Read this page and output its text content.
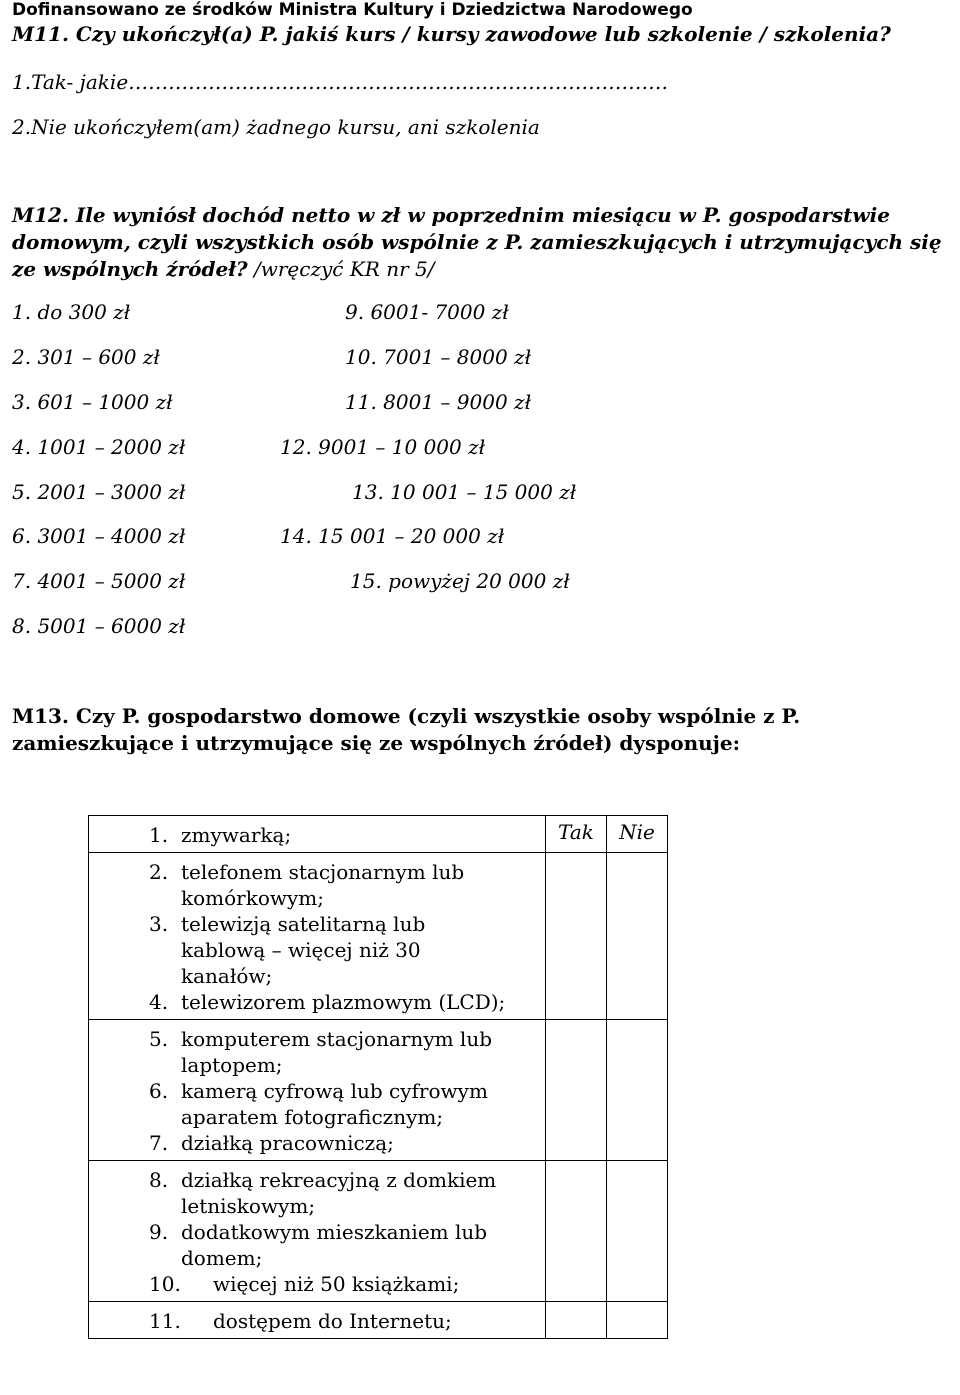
Dofinansowano ze środków Ministra Kultury i Dziedzictwa Narodowego
M11. Czy ukończył(a) P. jakiś kurs / kursy zawodowe lub szkolenie / szkolenia?
1.Tak- jakie………………………………………………………………………
2.Nie ukończyłem(am) żadnego kursu, ani szkolenia
M12. Ile wyniósł dochód netto w zł w poprzednim miesiącu w P. gospodarstwie domowym, czyli wszystkich osób wspólnie z P. zamieszkujących i utrzymujących się ze wspólnych źródeł? /wręczyć KR nr 5/
1. do 300 zł
2. 301 – 600 zł
3. 601 – 1000 zł
4. 1001 – 2000 zł
5. 2001 – 3000 zł
6. 3001 – 4000 zł
7. 4001 – 5000 zł
8. 5001 – 6000 zł
9. 6001- 7000 zł
10. 7001 – 8000 zł
11. 8001 – 9000 zł
12. 9001 – 10 000 zł
13. 10 001 – 15 000 zł
14. 15 001 – 20 000 zł
15. powyżej 20 000 zł
M13. Czy P. gospodarstwo domowe (czyli wszystkie osoby wspólnie z P. zamieszkujące i utrzymujące się ze wspólnych źródeł) dysponuje:
1. zmywarką;	Tak	Nie
2. telefonem stacjonarnym lub komórkowym;
3. telewizją satelitarną lub kablową – więcej niż 30 kanałów;
4. telewizorem plazmowym (LCD);		
5. komputerem stacjonarnym lub laptopem;
6. kamerą cyfrową lub cyfrowym aparatem fotograficznym;
7. działką pracowniczą;		
8. działką rekreacyjną z domkiem letniskowym;
9. dodatkowym mieszkaniem lub domem;
10. więcej niż 50 książkami;		
11. dostępem do Internetu;		
